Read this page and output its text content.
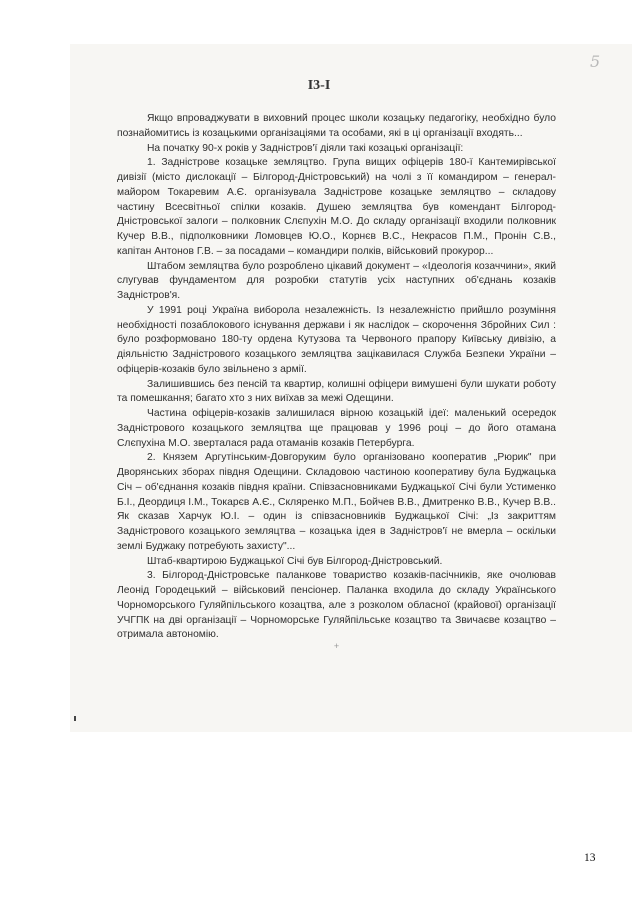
5
I3-I

Якщо впроваджувати в виховний процес школи козацьку педагогіку, необхідно було познайомитись із козацькими організаціями та особами, які в ці організації входять...

На початку 90-х років у Задністров'ї діяли такі козацькі організації:

1. Задністрове козацьке земляцтво. Група вищих офіцерів 180-ї Кантемирівської дивізії (місто дислокації – Білгород-Дністровський) на чолі з її командиром – генерал-майором Токаревим А.Є. організувала Задністрове козацьке земляцтво – складову частину Всесвітньої спілки козаків. Душею земляцтва був комендант Білгород-Дністровської залоги – полковник Слєпухін М.О. До складу організації входили полковник Кучер В.В., підполковники Ломовцев Ю.О., Корнєв В.С., Некрасов П.М., Пронін С.В., капітан Антонов Г.В. – за посадами – командири полків, військовий прокурор...

Штабом земляцтва було розроблено цікавий документ – «Ідеологія козаччини», який слугував фундаментом для розробки статутів усіх наступних об'єднань козаків Задністров'я.

У 1991 році Україна виборола незалежність. Із незалежністю прийшло розуміння необхідності позаблокового існування держави і як наслідок – скорочення Збройних Сил : було розформовано 180-ту ордена Кутузова та Червоного прапору Київську дивізію, а діяльністю Задністрового козацького земляцтва зацікавилася Служба Безпеки України – офіцерів-козаків було звільнено з армії.

Залишившись без пенсій та квартир, колишні офіцери вимушені були шукати роботу та помешкання; багато хто з них виїхав за межі Одещини.

Частина офіцерів-козаків залишилася вірною козацькій ідеї: маленький осередок Задністрового козацького земляцтва ще працював у 1996 році – до його отамана Слєпухіна М.О. зверталася рада отаманів козаків Петербурга.

2. Князем Аргутінським-Довгоруким було організовано кооператив „Рюрик" при Дворянських зборах півдня Одещини. Складовою частиною кооперативу була Буджацька Січ – об'єднання козаків півдня країни. Співзасновниками Буджацької Січі були Устименко Б.І., Деордиця І.М., Токарєв А.Є., Скляренко М.П., Бойчев В.В., Дмитренко В.В., Кучер В.В.. Як сказав Харчук Ю.І. – один із співзасновників Буджацької Січі: „Із закриттям Задністрового козацького земляцтва – козацька ідея в Задністров'ї не вмерла – оскільки землі Буджаку потребують захисту"...

Штаб-квартирою Буджацької Січі був Білгород-Дністровський.

3. Білгород-Дністровське паланкове товариство козаків-пасічників, яке очолював Леонід Городецький – військовий пенсіонер. Паланка входила до складу Українського Чорноморського Гуляйпільського козацтва, але з розколом обласної (крайової) організації УЧГПК на дві організації – Чорноморське Гуляйпільське козацтво та Звичаєве козацтво – отримала автономію.

+

13
